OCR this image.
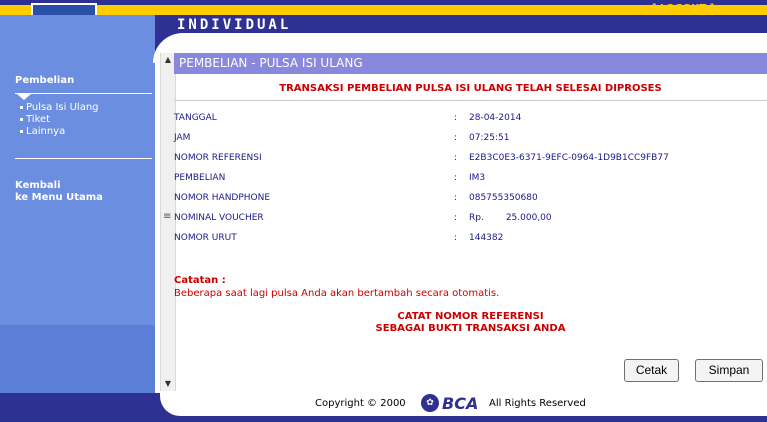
INDIVIDUAL
[ LOGOUT ]
Pembelian
Pulsa Isi Ulang
Tiket
Lainnya
Kembali
ke Menu Utama
▲
≡
▼
PEMBELIAN - PULSA ISI ULANG
TRANSAKSI PEMBELIAN PULSA ISI ULANG TELAH SELESAI DIPROSES
TANGGAL	: 28-04-2014
JAM	: 07:25:51
NOMOR REFERENSI	: E2B3C0E3-6371-9EFC-0964-1D9B1CC9FB77
PEMBELIAN	: IM3
NOMOR HANDPHONE	: 085755350680
NOMINAL VOUCHER	: Rp. 25.000,00
NOMOR URUT	: 144382
Catatan :
Beberapa saat lagi pulsa Anda akan bertambah secara otomatis.
CATAT NOMOR REFERENSI
SEBAGAI BUKTI TRANSAKSI ANDA
Cetak	Simpan
Copyright © 2000	✿ BCA All Rights Reserved
